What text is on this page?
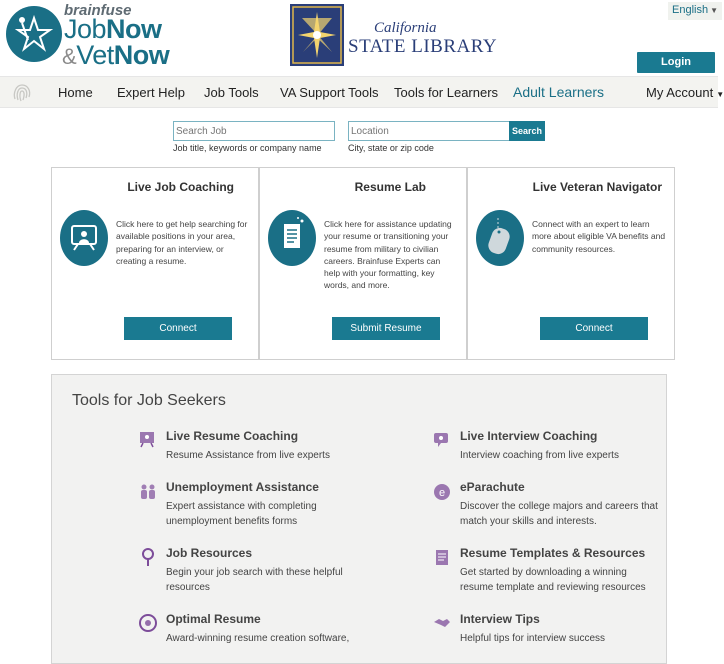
brainfuse
JobNow
&VetNow
California
STATE LIBRARY
English ▼
Login
Home Expert Help Job Tools VA Support Tools Tools for Learners Adult Learners	My Account ▼
Search Job
Job title, keywords or company name
Location	City, state or zip code
Search
Live Job Coaching
Click here to get help searching for available positions in your area, preparing for an interview, or creating a resume.
Connect
Resume Lab
Click here for assistance updating your resume or transitioning your resume from military to civilian careers. Brainfuse Experts can help with your formatting, key words, and more.
Submit Resume
Live Veteran Navigator
Connect with an expert to learn more about eligible VA benefits and community resources.
Connect
Tools for Job Seekers
Live Resume Coaching
Resume Assistance from live experts
Live Interview Coaching
Interview coaching from live experts
Unemployment Assistance
Expert assistance with completing unemployment benefits forms
e eParachute
Discover the college majors and careers that match your skills and interests.
Job Resources
Begin your job search with these helpful resources
Resume Templates & Resources
Get started by downloading a winning resume template and reviewing resources
Optimal Resume
Award-winning resume creation software,
Interview Tips
Helpful tips for interview success
